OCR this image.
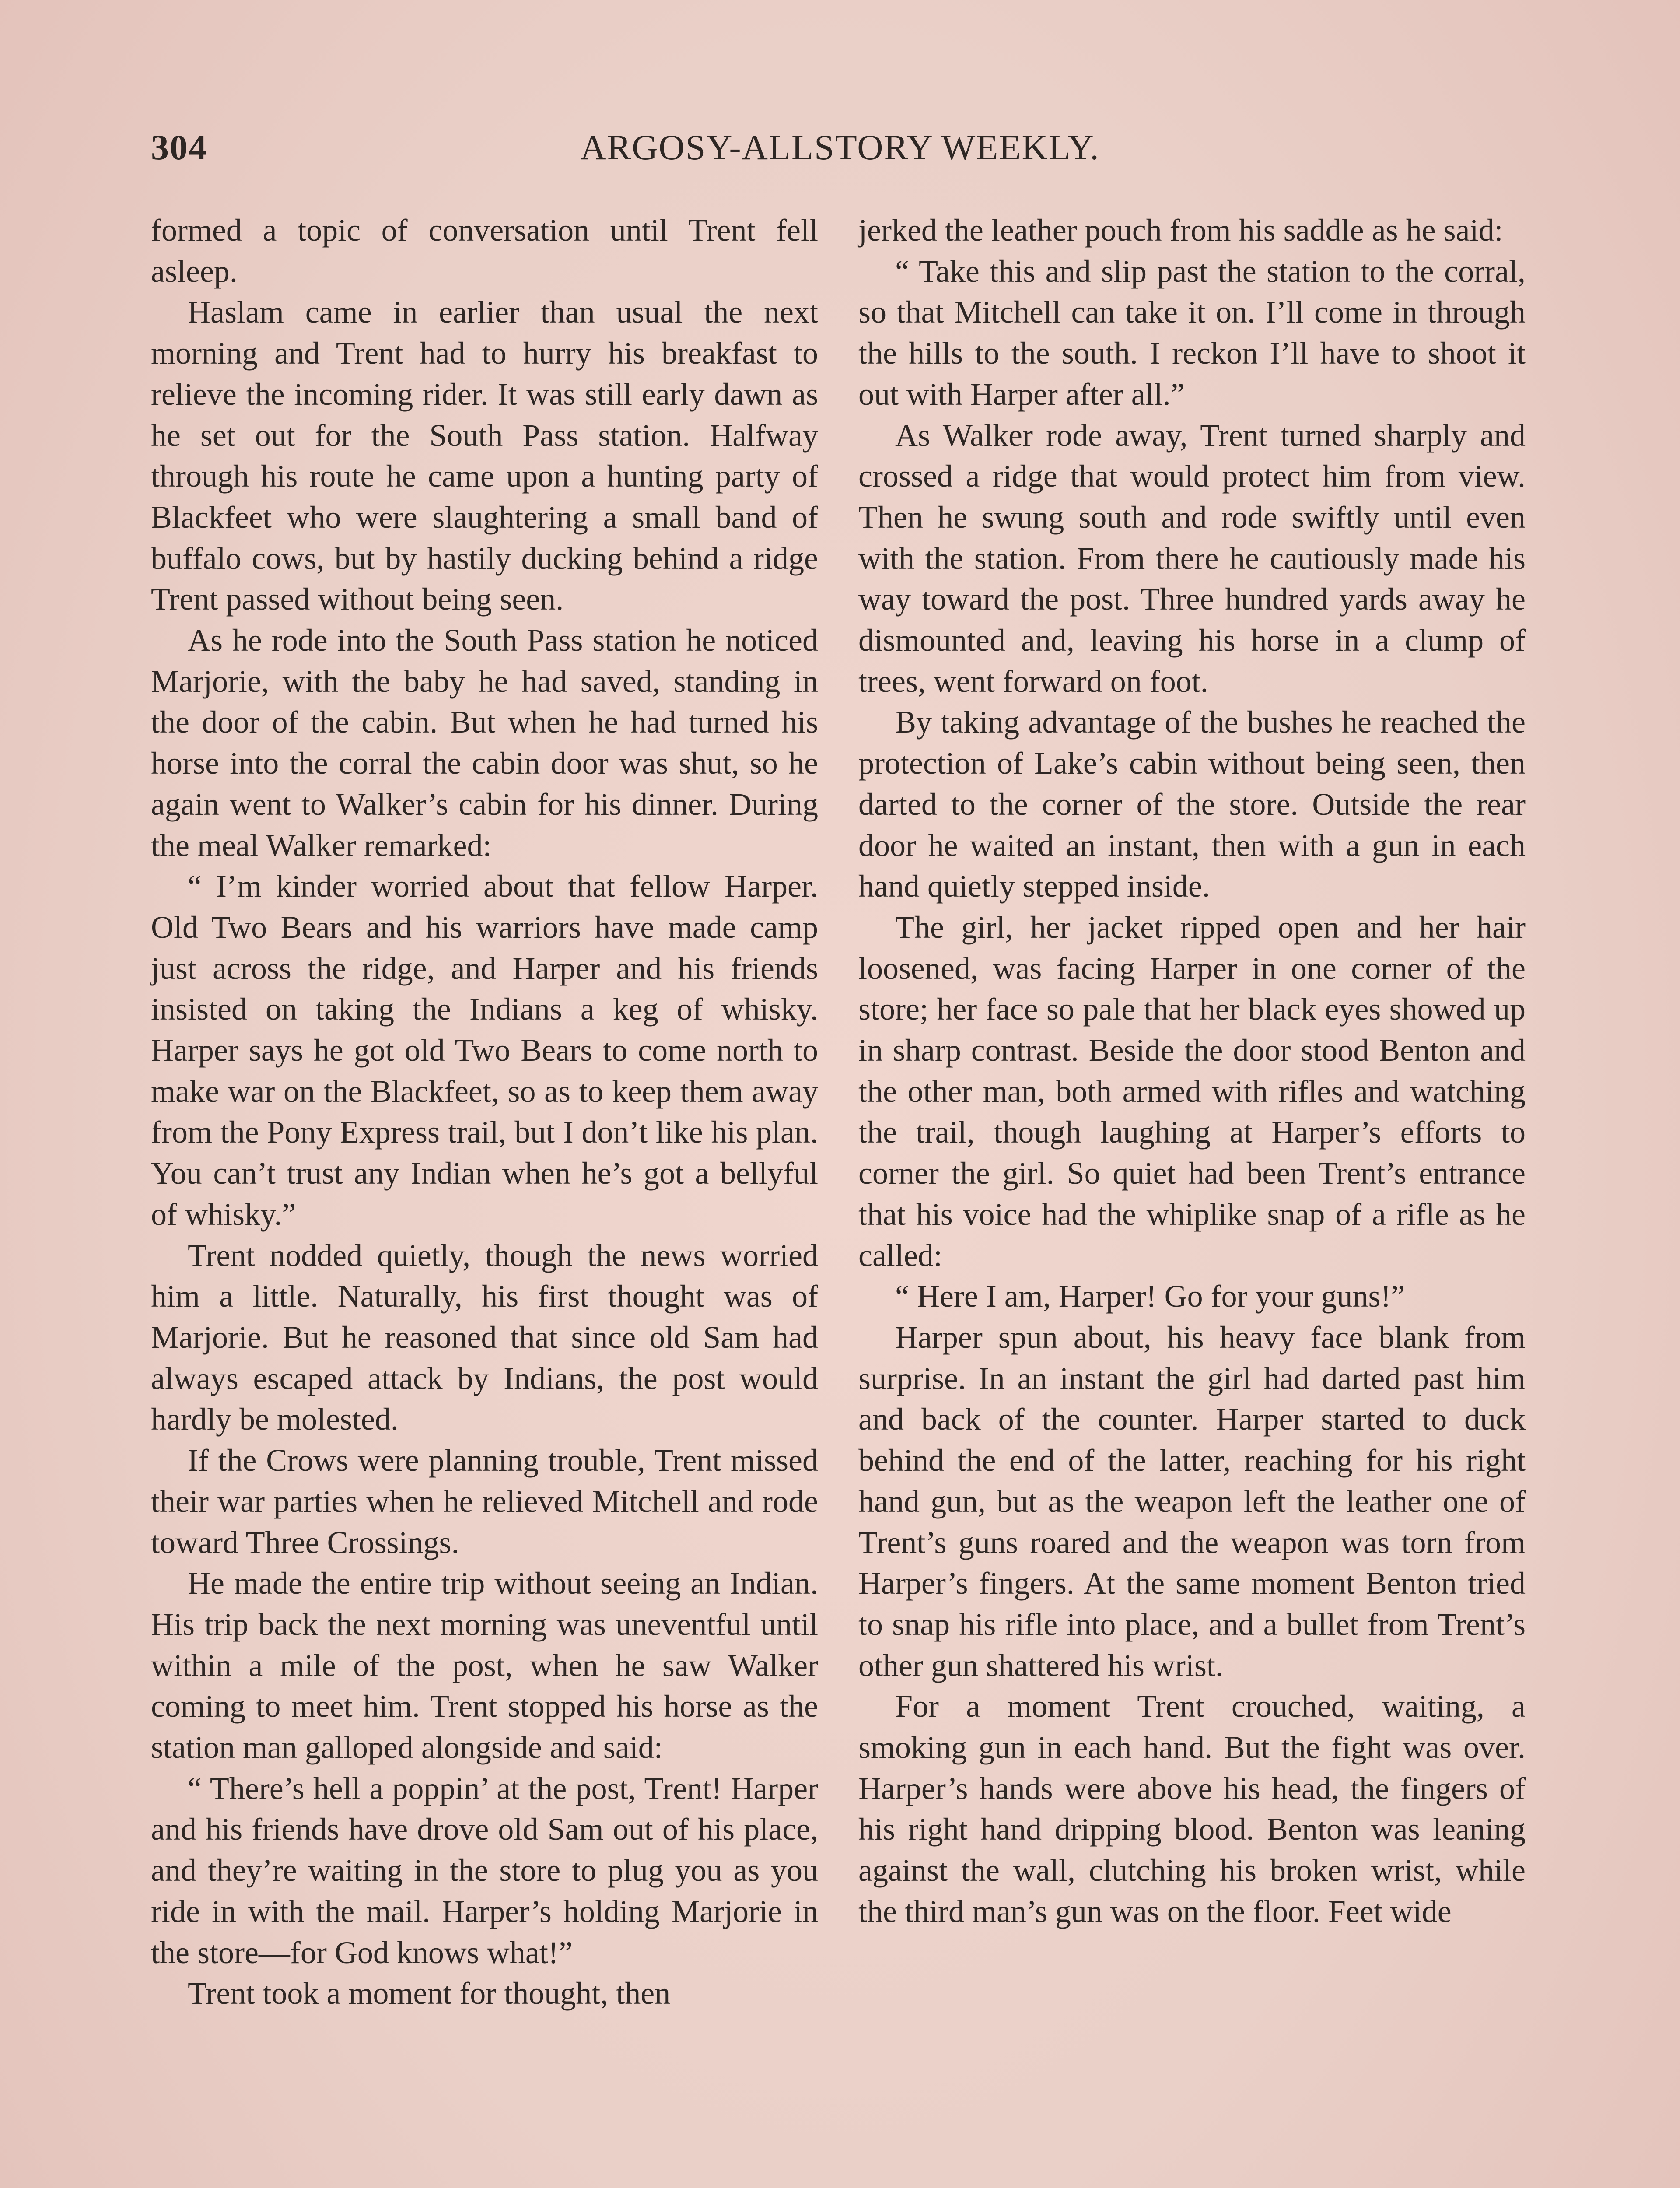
304	ARGOSY-ALLSTORY WEEKLY.

formed a topic of conversation until Trent fell asleep.

Haslam came in earlier than usual the next morning and Trent had to hurry his breakfast to relieve the incoming rider. It was still early dawn as he set out for the South Pass station. Halfway through his route he came upon a hunting party of Blackfeet who were slaughtering a small band of buffalo cows, but by hastily ducking behind a ridge Trent passed without being seen.

As he rode into the South Pass station he noticed Marjorie, with the baby he had saved, standing in the door of the cabin. But when he had turned his horse into the corral the cabin door was shut, so he again went to Walker’s cabin for his dinner. During the meal Walker remarked:

“ I’m kinder worried about that fellow Harper. Old Two Bears and his warriors have made camp just across the ridge, and Harper and his friends insisted on taking the Indians a keg of whisky. Harper says he got old Two Bears to come north to make war on the Blackfeet, so as to keep them away from the Pony Express trail, but I don’t like his plan. You can’t trust any Indian when he’s got a bellyful of whisky.”

Trent nodded quietly, though the news worried him a little. Naturally, his first thought was of Marjorie. But he reasoned that since old Sam had always escaped attack by Indians, the post would hardly be molested.

If the Crows were planning trouble, Trent missed their war parties when he relieved Mitchell and rode toward Three Crossings.

He made the entire trip without seeing an Indian. His trip back the next morning was uneventful until within a mile of the post, when he saw Walker coming to meet him. Trent stopped his horse as the station man galloped alongside and said:

“ There’s hell a poppin’ at the post, Trent! Harper and his friends have drove old Sam out of his place, and they’re waiting in the store to plug you as you ride in with the mail. Harper’s holding Marjorie in the store—for God knows what!”

Trent took a moment for thought, then

jerked the leather pouch from his saddle as he said:

“ Take this and slip past the station to the corral, so that Mitchell can take it on. I’ll come in through the hills to the south. I reckon I’ll have to shoot it out with Harper after all.”

As Walker rode away, Trent turned sharply and crossed a ridge that would protect him from view. Then he swung south and rode swiftly until even with the station. From there he cautiously made his way toward the post. Three hundred yards away he dismounted and, leaving his horse in a clump of trees, went forward on foot.

By taking advantage of the bushes he reached the protection of Lake’s cabin without being seen, then darted to the corner of the store. Outside the rear door he waited an instant, then with a gun in each hand quietly stepped inside.

The girl, her jacket ripped open and her hair loosened, was facing Harper in one corner of the store; her face so pale that her black eyes showed up in sharp contrast. Beside the door stood Benton and the other man, both armed with rifles and watching the trail, though laughing at Harper’s efforts to corner the girl. So quiet had been Trent’s entrance that his voice had the whiplike snap of a rifle as he called:

“ Here I am, Harper! Go for your guns!”

Harper spun about, his heavy face blank from surprise. In an instant the girl had darted past him and back of the counter. Harper started to duck behind the end of the latter, reaching for his right hand gun, but as the weapon left the leather one of Trent’s guns roared and the weapon was torn from Harper’s fingers. At the same moment Benton tried to snap his rifle into place, and a bullet from Trent’s other gun shattered his wrist.

For a moment Trent crouched, waiting, a smoking gun in each hand. But the fight was over. Harper’s hands were above his head, the fingers of his right hand dripping blood. Benton was leaning against the wall, clutching his broken wrist, while the third man’s gun was on the floor. Feet wide
